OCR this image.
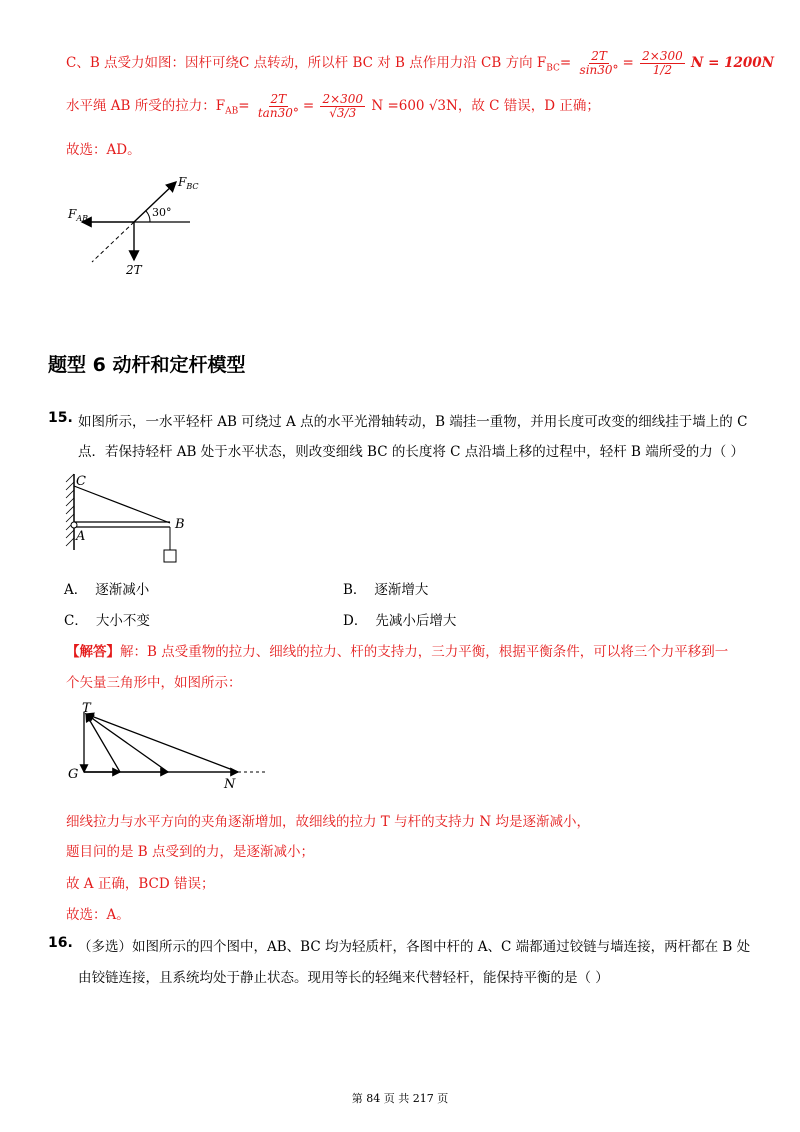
C、B 点受力如图：因杆可绕C 点转动，所以杆 BC 对 B 点作用力沿 CB 方向 $F_{BC}= \frac{2T}{\sin 30^\circ} = \frac{2\times 300}{1/2}$ N = 1200N
水平绳 AB 所受的拉力：$F_{AB}= \frac{2T}{\tan 30^\circ} = \frac{2\times 300}{√3/3}$ N =600 √3N，故 C 错误，D 正确；
故选：AD。
$F_{BC}$
$F_{AB}$	30°
2T
题型 6 动杆和定杆模型
15. 如图所示，一水平轻杆 AB 可绕过 A 点的水平光滑轴转动，B 端挂一重物，并用长度可改变的细线挂于墙上的 C
点．若保持轻杆 AB 处于水平状态，则改变细线 BC 的长度将 C 点沿墙上移的过程中，轻杆 B 端所受的力（ ）
C
A
B
A． 逐渐减小	B． 逐渐增大
C． 大小不变	D． 先减小后增大
【解答】解：B 点受重物的拉力、细线的拉力、杆的支持力，三力平衡，根据平衡条件，可以将三个力平移到一
个矢量三角形中，如图所示：
T
G
N
细线拉力与水平方向的夹角逐渐增加，故细线的拉力 T 与杆的支持力 N 均是逐渐减小，
题目问的是 B 点受到的力，是逐渐减小；
故 A 正确，BCD 错误；
故选：A。
16. （多选）如图所示的四个图中，AB、BC 均为轻质杆，各图中杆的 A、C 端都通过铰链与墙连接，两杆都在 B 处
由铰链连接，且系统均处于静止状态。现用等长的轻绳来代替轻杆，能保持平衡的是（ ）
第 84 页 共 217 页
